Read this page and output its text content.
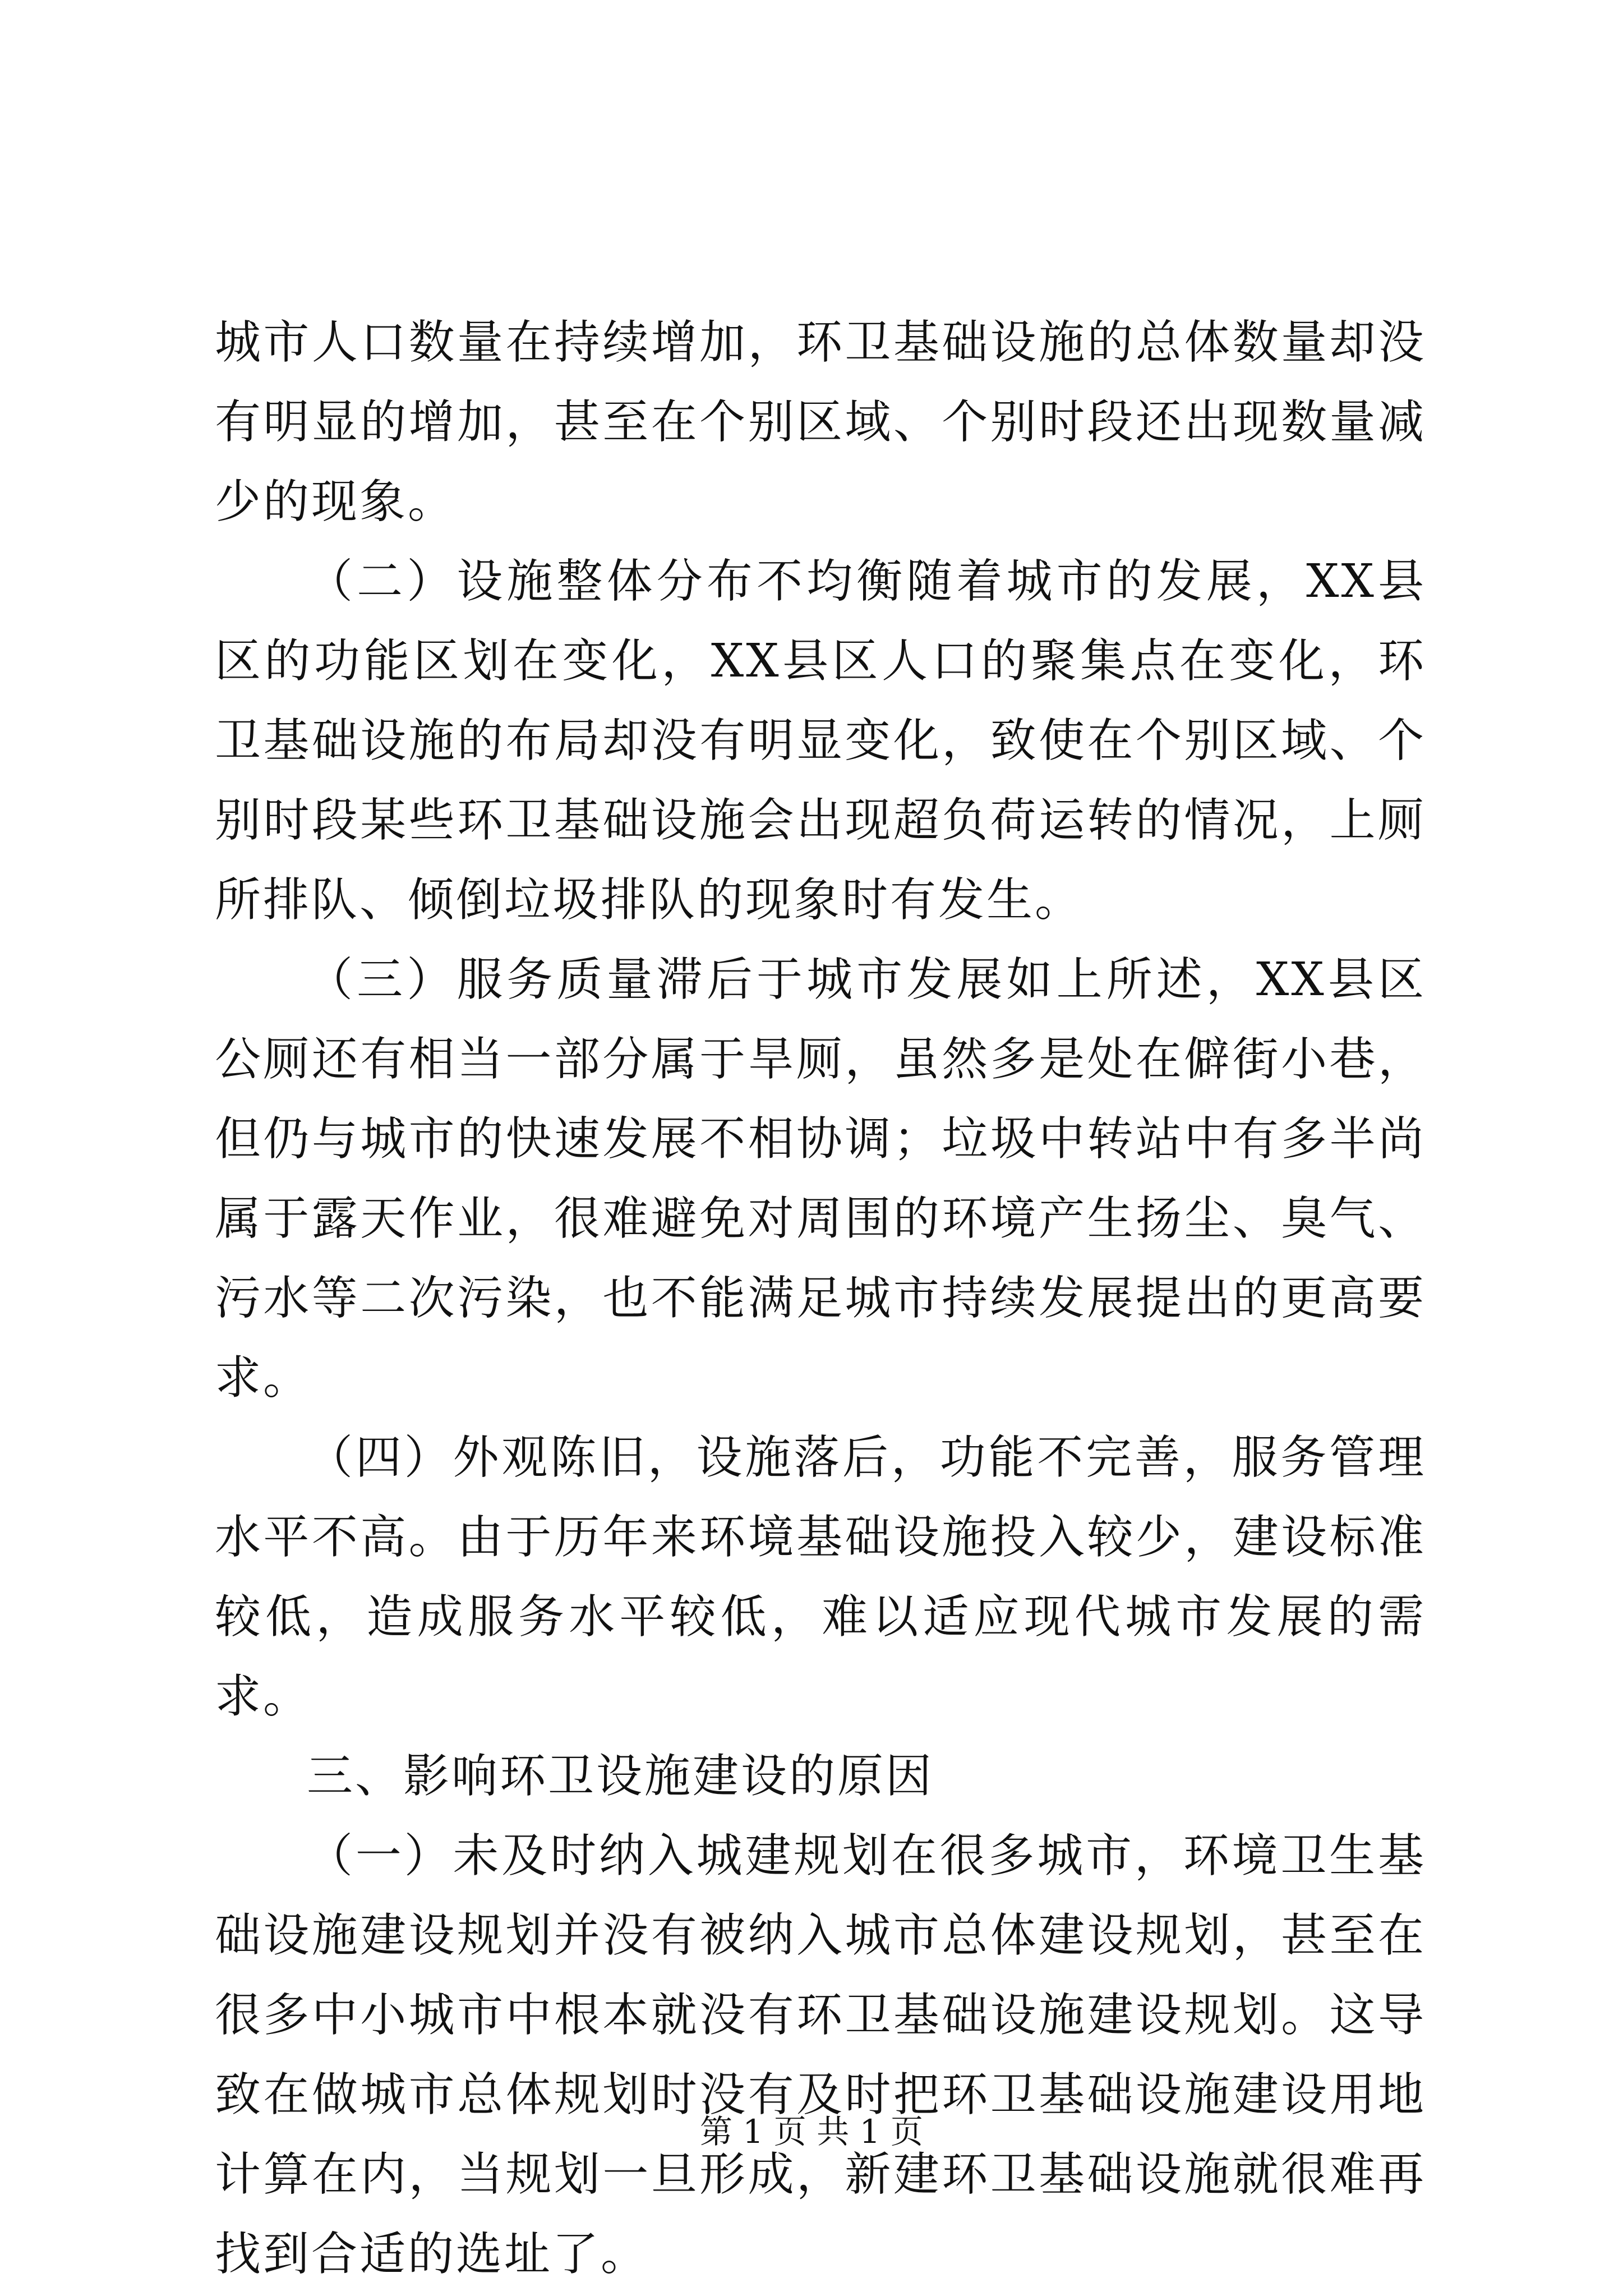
城市人口数量在持续增加，环卫基础设施的总体数量却没有明显的增加，甚至在个别区域、个别时段还出现数量减少的现象。

（二）设施整体分布不均衡随着城市的发展，XX县区的功能区划在变化，XX县区人口的聚集点在变化，环卫基础设施的布局却没有明显变化，致使在个别区域、个别时段某些环卫基础设施会出现超负荷运转的情况，上厕所排队、倾倒垃圾排队的现象时有发生。

（三）服务质量滞后于城市发展如上所述，XX县区公厕还有相当一部分属于旱厕，虽然多是处在僻街小巷，但仍与城市的快速发展不相协调；垃圾中转站中有多半尚属于露天作业，很难避免对周围的环境产生扬尘、臭气、污水等二次污染，也不能满足城市持续发展提出的更高要求。

（四）外观陈旧，设施落后，功能不完善，服务管理水平不高。由于历年来环境基础设施投入较少，建设标准较低，造成服务水平较低，难以适应现代城市发展的需求。

三、影响环卫设施建设的原因

（一）未及时纳入城建规划在很多城市，环境卫生基础设施建设规划并没有被纳入城市总体建设规划，甚至在很多中小城市中根本就没有环卫基础设施建设规划。这导致在做城市总体规划时没有及时把环卫基础设施建设用地计算在内，当规划一旦形成，新建环卫基础设施就很难再找到合适的选址了。

第 1 页 共 1 页
